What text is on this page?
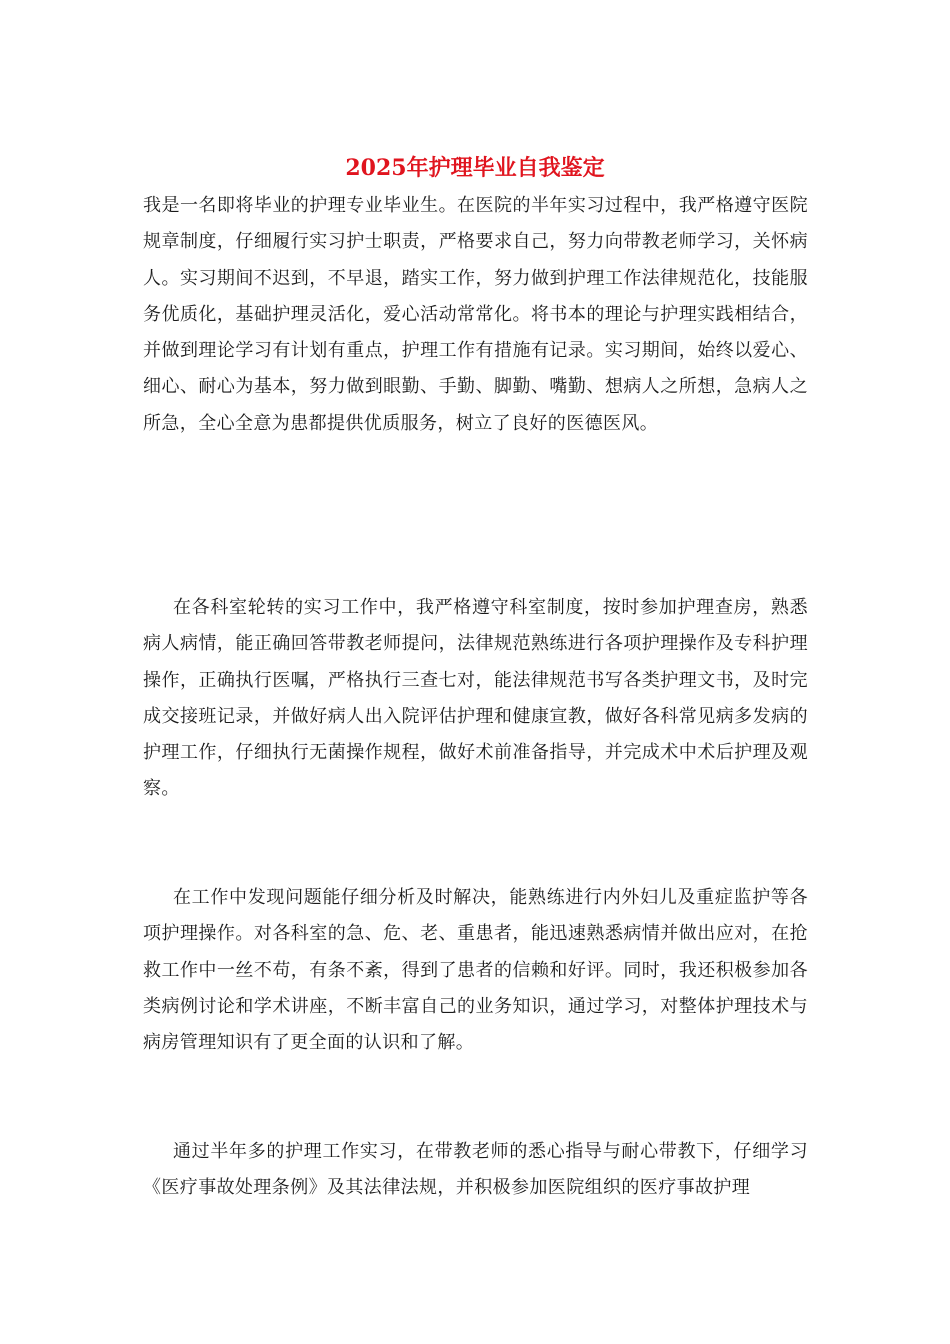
2025年护理毕业自我鉴定

我是一名即将毕业的护理专业毕业生。在医院的半年实习过程中，我严格遵守医院规章制度，仔细履行实习护士职责，严格要求自己，努力向带教老师学习，关怀病人。实习期间不迟到，不早退，踏实工作，努力做到护理工作法律规范化，技能服务优质化，基础护理灵活化，爱心活动常常化。将书本的理论与护理实践相结合，并做到理论学习有计划有重点，护理工作有措施有记录。实习期间，始终以爱心、细心、耐心为基本，努力做到眼勤、手勤、脚勤、嘴勤、想病人之所想，急病人之所急，全心全意为患都提供优质服务，树立了良好的医德医风。

在各科室轮转的实习工作中，我严格遵守科室制度，按时参加护理查房，熟悉病人病情，能正确回答带教老师提问，法律规范熟练进行各项护理操作及专科护理操作，正确执行医嘱，严格执行三查七对，能法律规范书写各类护理文书，及时完成交接班记录，并做好病人出入院评估护理和健康宣教，做好各科常见病多发病的护理工作，仔细执行无菌操作规程，做好术前准备指导，并完成术中术后护理及观察。

在工作中发现问题能仔细分析及时解决，能熟练进行内外妇儿及重症监护等各项护理操作。对各科室的急、危、老、重患者，能迅速熟悉病情并做出应对，在抢救工作中一丝不苟，有条不紊，得到了患者的信赖和好评。同时，我还积极参加各类病例讨论和学术讲座，不断丰富自己的业务知识，通过学习，对整体护理技术与病房管理知识有了更全面的认识和了解。

通过半年多的护理工作实习，在带教老师的悉心指导与耐心带教下，仔细学习《医疗事故处理条例》及其法律法规，并积极参加医院组织的医疗事故护理
